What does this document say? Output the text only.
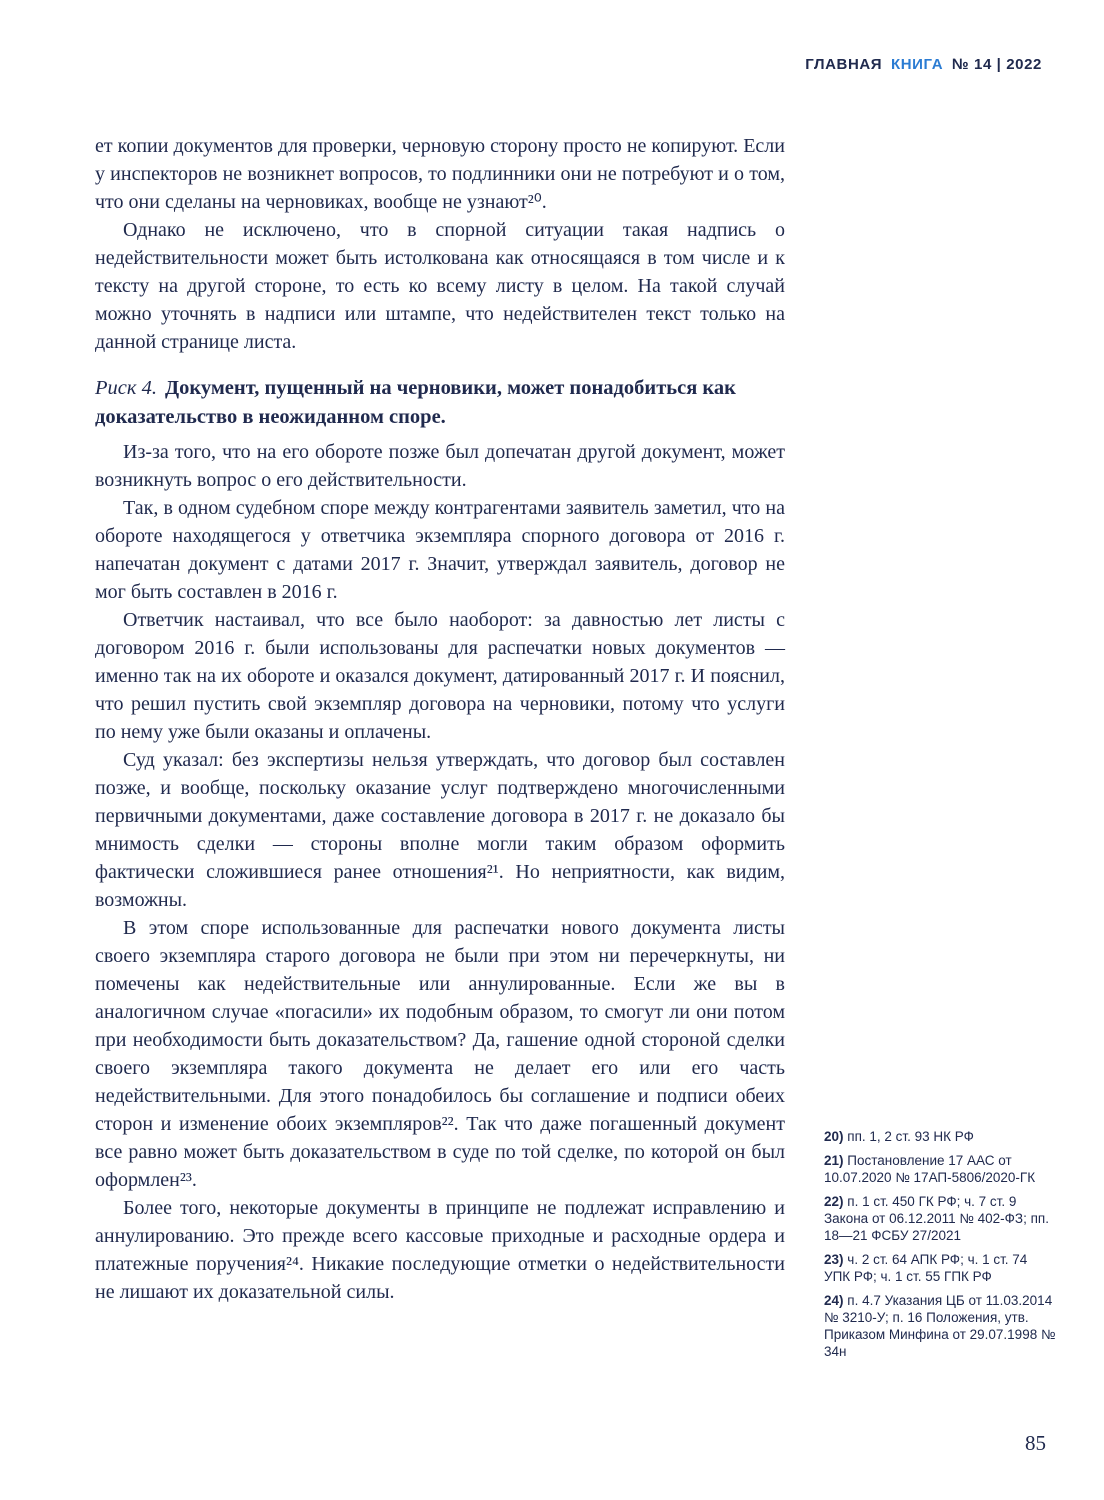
ГЛАВНАЯ КНИГА № 14 | 2022

ет копии документов для проверки, черновую сторону просто не копируют. Если у инспекторов не возникнет вопросов, то подлинники они не потребуют и о том, что они сделаны на черновиках, вообще не узнают²⁰.

Однако не исключено, что в спорной ситуации такая надпись о недействительности может быть истолкована как относящаяся в том числе и к тексту на другой стороне, то есть ко всему листу в целом. На такой случай можно уточнять в надписи или штампе, что недействителен текст только на данной странице листа.

Риск 4. Документ, пущенный на черновики, может понадобиться как доказательство в неожиданном споре.

Из-за того, что на его обороте позже был допечатан другой документ, может возникнуть вопрос о его действительности.

Так, в одном судебном споре между контрагентами заявитель заметил, что на обороте находящегося у ответчика экземпляра спорного договора от 2016 г. напечатан документ с датами 2017 г. Значит, утверждал заявитель, договор не мог быть составлен в 2016 г.

Ответчик настаивал, что все было наоборот: за давностью лет листы с договором 2016 г. были использованы для распечатки новых документов — именно так на их обороте и оказался документ, датированный 2017 г. И пояснил, что решил пустить свой экземпляр договора на черновики, потому что услуги по нему уже были оказаны и оплачены.

Суд указал: без экспертизы нельзя утверждать, что договор был составлен позже, и вообще, поскольку оказание услуг подтверждено многочисленными первичными документами, даже составление договора в 2017 г. не доказало бы мнимость сделки — стороны вполне могли таким образом оформить фактически сложившиеся ранее отношения²¹. Но неприятности, как видим, возможны.

В этом споре использованные для распечатки нового документа листы своего экземпляра старого договора не были при этом ни перечеркнуты, ни помечены как недействительные или аннулированные. Если же вы в аналогичном случае «погасили» их подобным образом, то смогут ли они потом при необходимости быть доказательством? Да, гашение одной стороной сделки своего экземпляра такого документа не делает его или его часть недействительными. Для этого понадобилось бы соглашение и подписи обеих сторон и изменение обоих экземпляров²². Так что даже погашенный документ все равно может быть доказательством в суде по той сделке, по которой он был оформлен²³.

Более того, некоторые документы в принципе не подлежат исправлению и аннулированию. Это прежде всего кассовые приходные и расходные ордера и платежные поручения²⁴. Никакие последующие отметки о недействительности не лишают их доказательной силы.

20) пп. 1, 2 ст. 93 НК РФ
21) Постановление 17 ААС от 10.07.2020 № 17АП-5806/2020-ГК
22) п. 1 ст. 450 ГК РФ; ч. 7 ст. 9 Закона от 06.12.2011 № 402-ФЗ; пп. 18—21 ФСБУ 27/2021
23) ч. 2 ст. 64 АПК РФ; ч. 1 ст. 74 УПК РФ; ч. 1 ст. 55 ГПК РФ
24) п. 4.7 Указания ЦБ от 11.03.2014 № 3210-У; п. 16 Положения, утв. Приказом Минфина от 29.07.1998 № 34н
85
